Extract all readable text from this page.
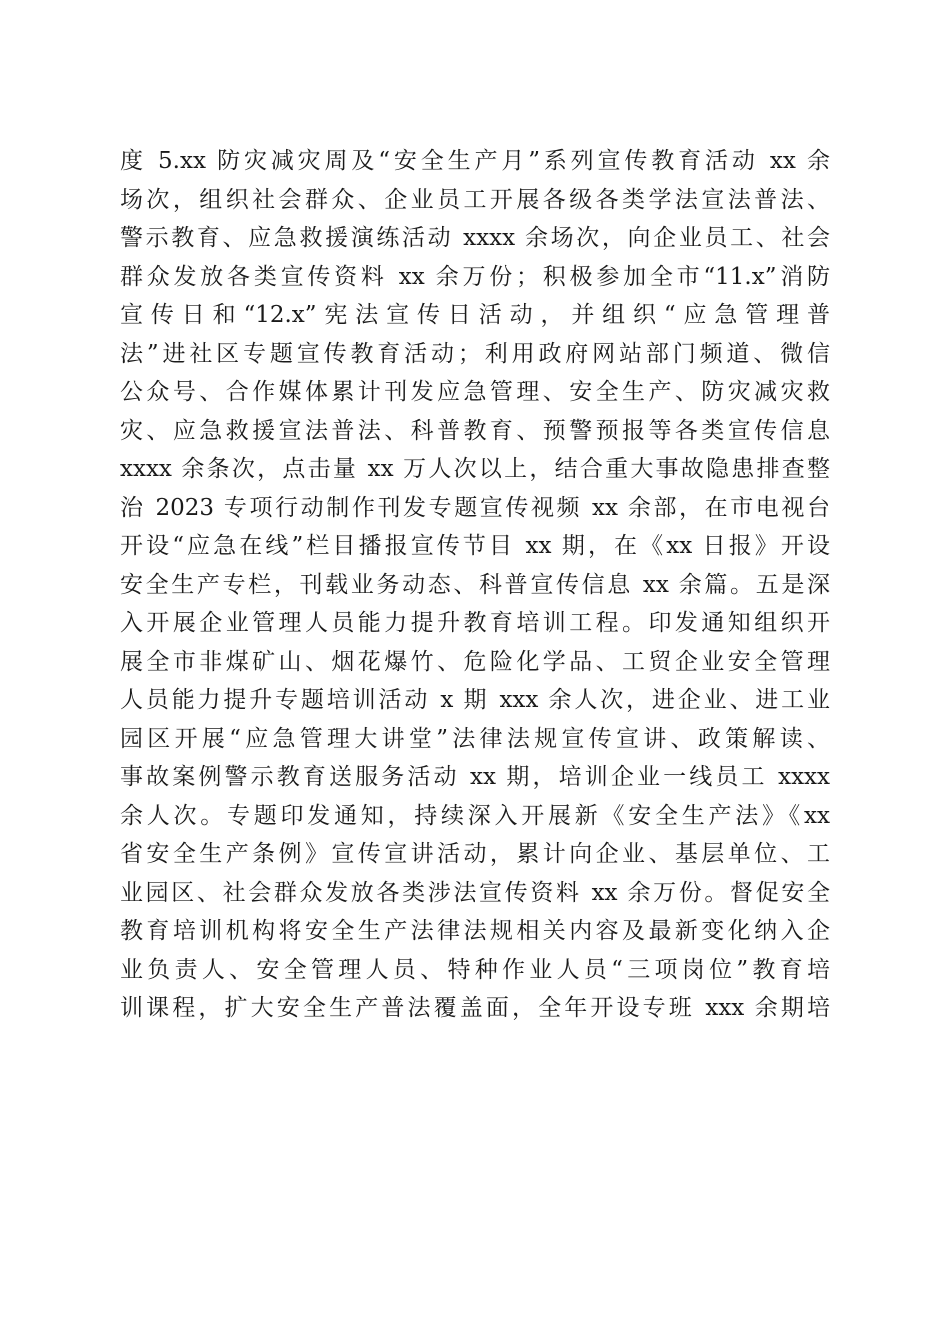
度 5.xx 防灾减灾周及“安全生产月”系列宣传教育活动 xx 余
场次，组织社会群众、企业员工开展各级各类学法宣法普法、
警示教育、应急救援演练活动 xxxx 余场次，向企业员工、社会
群众发放各类宣传资料 xx 余万份；积极参加全市“11.x”消防
宣传日和“12.x”宪法宣传日活动，并组织“应急管理普
法”进社区专题宣传教育活动；利用政府网站部门频道、微信
公众号、合作媒体累计刊发应急管理、安全生产、防灾减灾救
灾、应急救援宣法普法、科普教育、预警预报等各类宣传信息
xxxx 余条次，点击量 xx 万人次以上，结合重大事故隐患排查整
治 2023 专项行动制作刊发专题宣传视频 xx 余部，在市电视台
开设“应急在线”栏目播报宣传节目 xx 期，在《xx 日报》开设
安全生产专栏，刊载业务动态、科普宣传信息 xx 余篇。五是深
入开展企业管理人员能力提升教育培训工程。印发通知组织开
展全市非煤矿山、烟花爆竹、危险化学品、工贸企业安全管理
人员能力提升专题培训活动 x 期 xxx 余人次，进企业、进工业
园区开展“应急管理大讲堂”法律法规宣传宣讲、政策解读、
事故案例警示教育送服务活动 xx 期，培训企业一线员工 xxxx
余人次。专题印发通知，持续深入开展新《安全生产法》《xx
省安全生产条例》宣传宣讲活动，累计向企业、基层单位、工
业园区、社会群众发放各类涉法宣传资料 xx 余万份。督促安全
教育培训机构将安全生产法律法规相关内容及最新变化纳入企
业负责人、安全管理人员、特种作业人员“三项岗位”教育培
训课程，扩大安全生产普法覆盖面，全年开设专班 xxx 余期培
